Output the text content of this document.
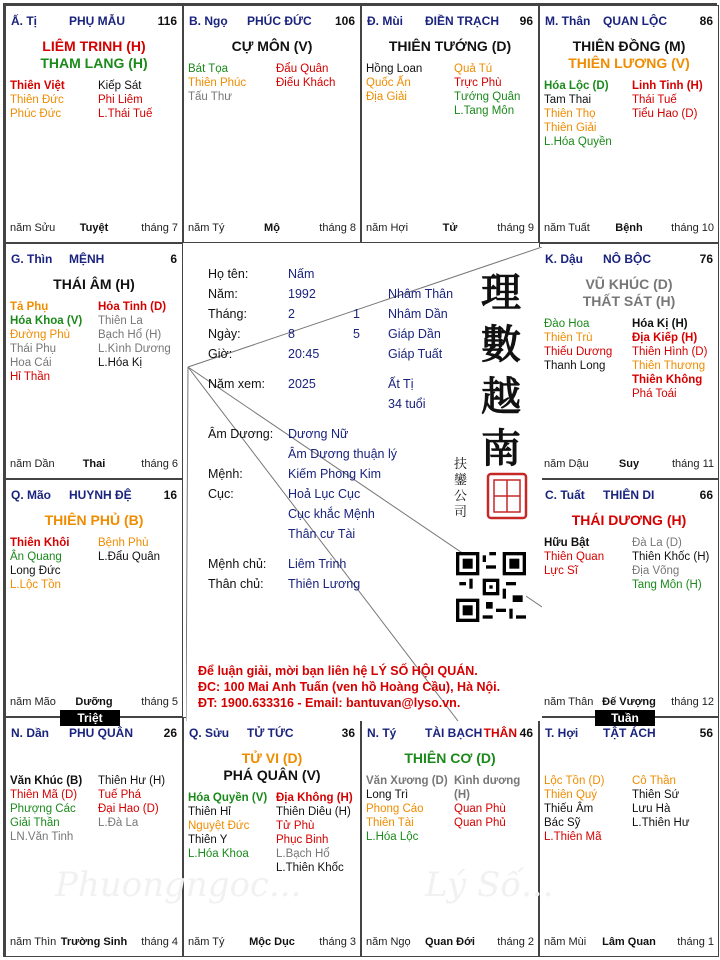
Ấ. Tị	PHỤ MẪU	116
LIÊM TRINH (H)
THAM LANG (H)
Thiên Việt
Thiên Đức
Phúc Đức
Kiếp Sát
Phi Liêm
L.Thái Tuế
năm Sửu	Tuyệt	tháng 7
B. Ngọ PHÚC ĐỨC 106
CỰ MÔN (V)
Bát Tọa
Thiên Phúc
Tấu Thư
Đẩu Quân
Điếu Khách
năm Tý	Mộ	tháng 8
Đ. Mùi ĐIỀN TRẠCH 96
THIÊN TƯỚNG (D)
Hồng Loan
Quốc Ấn
Địa Giải
Quả Tú
Trực Phù
Tướng Quân
L.Tang Môn
năm Hợi	Tử	tháng 9
M. Thân QUAN LỘC	86
THIÊN ĐỒNG (M)
THIÊN LƯƠNG (V)
Hóa Lộc (D)
Tam Thai
Thiên Thọ
Thiên Giải
L.Hóa Quyền
Linh Tinh (H)
Thái Tuế
Tiểu Hao (D)
năm Tuất	Bệnh	tháng 10
K. Dậu NÔ BỘC	76
VŨ KHÚC (D)
THẤT SÁT (H)
Đào Hoa
Thiên Trù
Thiếu Dương
Thanh Long
Hóa Kị (H)
Địa Kiếp (H)
Thiên Hình (D)
Thiên Thương
Thiên Không
Phá Toái
năm Dậu	Suy	tháng 11
C. Tuất THIÊN DI	66
THÁI DƯƠNG (H)
Hữu Bật
Thiên Quan
Lực Sĩ
Đà La (D)
Thiên Khốc (H)
Địa Võng
Tang Môn (H)
năm Thân Đế Vượng	tháng 12
T. Hợi TẬT ÁCH	56
Lộc Tồn (D)
Thiên Quý
Thiếu Âm
Bác Sỹ
L.Thiên Mã
Cô Thần
Thiên Sứ
Lưu Hà
L.Thiên Hư
năm Mùi	Lâm Quan	tháng 1
N. Tý TÀI BẠCH THÂN 46
THIÊN CƠ (D)
Văn Xương (D)
Long Trì
Phong Cáo
Thiên Tài
L.Hóa Lộc
Kình dương (H)
Quan Phù
Quan Phủ
năm Ngọ	Quan Đới	tháng 2
Q. Sửu TỬ TỨC	36
TỬ VI (D)
PHÁ QUÂN (V)
Hóa Quyền (V)
Thiên Hỉ
Nguyệt Đức
Thiên Y
L.Hóa Khoa
Địa Không (H)
Thiên Diêu (H)
Tử Phù
Phục Binh
L.Bạch Hổ
L.Thiên Khốc
năm Tý	Mộc Dục	tháng 3
N. Dần PHU QUÂN	26
Văn Khúc (B)
Thiên Mã (D)
Phượng Các
Giải Thần
LN.Văn Tinh
Thiên Hư (H)
Tuế Phá
Đại Hao (D)
L.Đà La
năm Thìn Trường Sinh	tháng 4
Q. Mão HUYNH ĐỆ	16
THIÊN PHỦ (B)
Thiên Khôi
Ân Quang
Long Đức
L.Lộc Tồn
Bệnh Phù
L.Đẩu Quân
năm Mão	Dưỡng	tháng 5
G. Thìn MỆNH	6
THÁI ÂM (H)
Tả Phụ
Hóa Khoa (V)
Đường Phù
Thái Phụ
Hoa Cái
Hỉ Thần
Hỏa Tinh (D)
Thiên La
Bạch Hổ (H)
L.Kình Dương
L.Hóa Kị
năm Dần	Thai	tháng 6
Họ tên:	Nấm
Năm:	1992	Nhâm Thân
Tháng:	2	1 Nhâm Dần
Ngày:	8	5 Giáp Dần
Giờ:	20:45	Giáp Tuất
Năm xem: 2025	Ất Tị
34 tuổi
Âm Dương: Dương Nữ
Âm Dương thuận lý
Mệnh:	Kiếm Phong Kim
Cục:	Hoả Lục Cục
Cục khắc Mệnh
Thân cư Tài
Mệnh chủ: Liêm Trinh
Thân chủ: Thiên Lương
理
數
越
南
扶鑾公司
Để luận giải, mời bạn liên hệ LÝ SỐ HỘI QUÁN.
ĐC: 100 Mai Anh Tuấn (ven hồ Hoàng Cầu), Hà Nội.
ĐT: 1900.633316 - Email: bantuvan@lyso.vn.
Triệt	Tuần
Phuongngoc...	Lý Số...
